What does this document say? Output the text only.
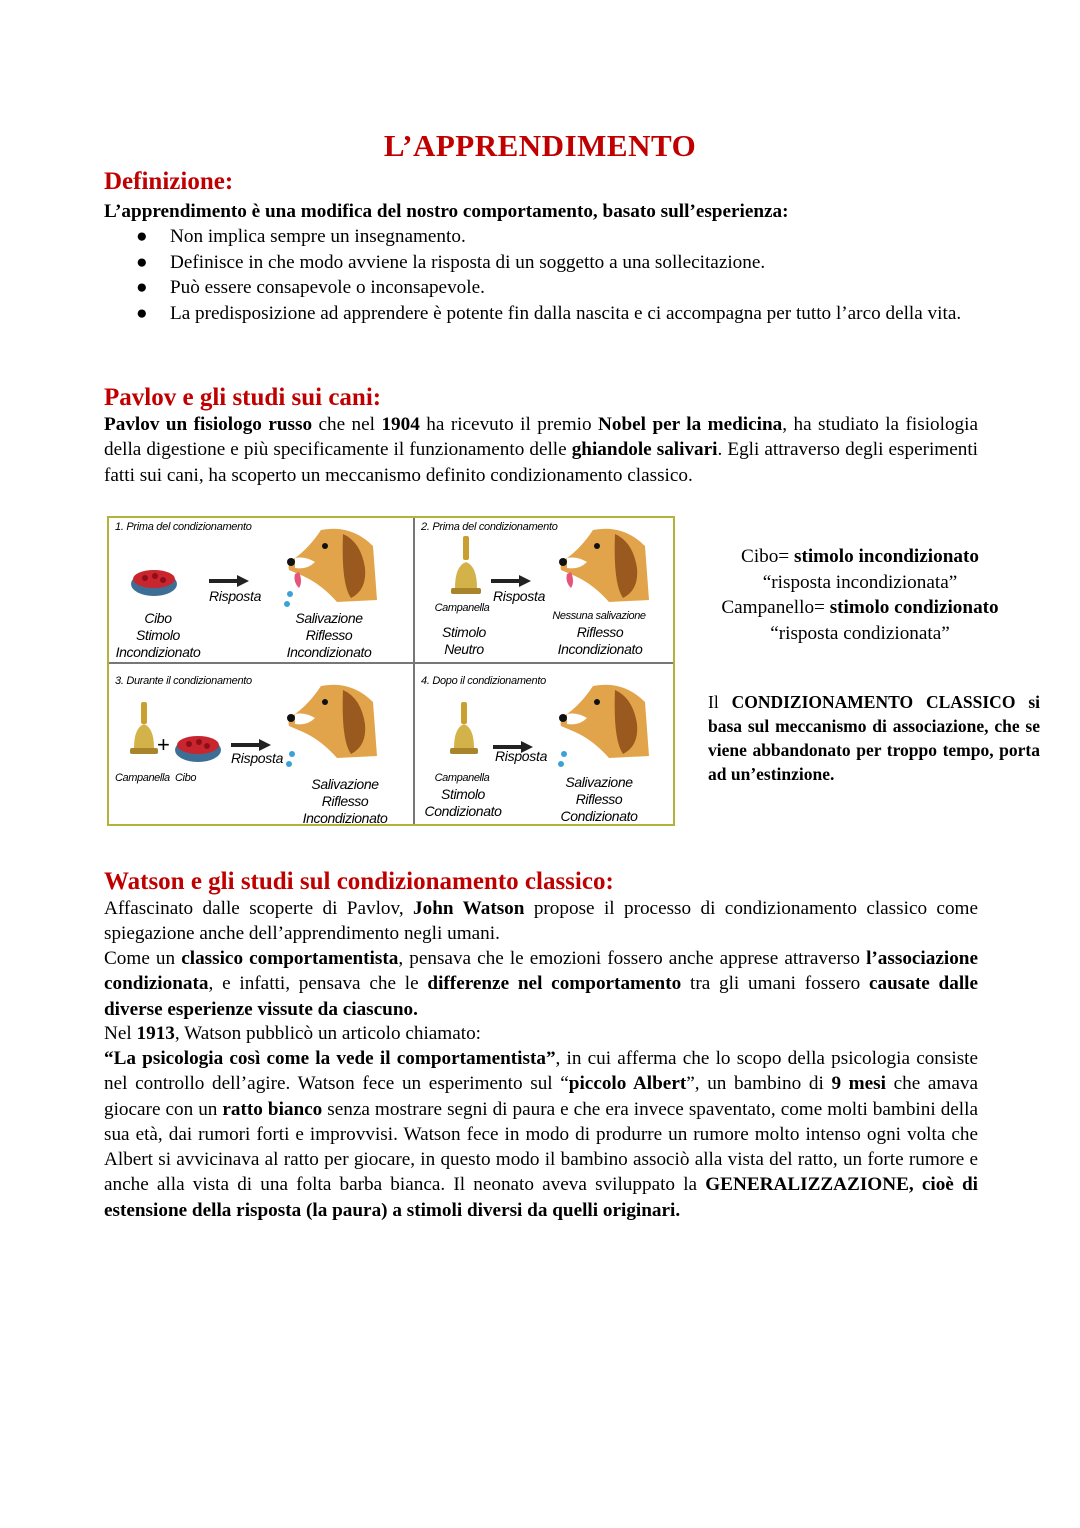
L’APPRENDIMENTO
Definizione:

L’apprendimento è una modifica del nostro comportamento, basato sull’esperienza:

● Non implica sempre un insegnamento.
● Definisce in che modo avviene la risposta di un soggetto a una sollecitazione.
● Può essere consapevole o inconsapevole.
● La predisposizione ad apprendere è potente fin dalla nascita e ci accompagna per tutto l’arco della vita.
Pavlov e gli studi sui cani:

Pavlov un fisiologo russo che nel 1904 ha ricevuto il premio Nobel per la medicina, ha studiato la fisiologia della digestione e più specificamente il funzionamento delle ghiandole salivari. Egli attraverso degli esperimenti fatti sui cani, ha scoperto un meccanismo definito condizionamento classico.

1. Prima del condizionamento
Cibo
Stimolo
Incondizionato
Risposta
Salivazione
Riflesso
Incondizionato
2. Prima del condizionamento
Campanella
Risposta
Stimolo
Neutro
Nessuna salivazione
Riflesso
Incondizionato
3. Durante il condizionamento
+
Campanella  Cibo
Risposta
Salivazione
Riflesso
Incondizionato
4. Dopo il condizionamento
Campanella
Stimolo
Condizionato
Risposta
Salivazione
Riflesso
Condizionato
Cibo= stimolo incondizionato
“risposta incondizionata”
Campanello= stimolo condizionato
“risposta condizionata”
Il CONDIZIONAMENTO CLASSICO si basa sul meccanismo di associazione, che se viene abbandonato per troppo tempo, porta ad un’estinzione.
Watson e gli studi sul condizionamento classico:

Affascinato dalle scoperte di Pavlov, John Watson propose il processo di condizionamento classico come spiegazione anche dell’apprendimento negli umani.

Come un classico comportamentista, pensava che le emozioni fossero anche apprese attraverso l’associazione condizionata, e infatti, pensava che le differenze nel comportamento tra gli umani fossero causate dalle diverse esperienze vissute da ciascuno.

Nel 1913, Watson pubblicò un articolo chiamato:

“La psicologia così come la vede il comportamentista”, in cui afferma che lo scopo della psicologia consiste nel controllo dell’agire. Watson fece un esperimento sul “piccolo Albert”, un bambino di 9 mesi che amava giocare con un ratto bianco senza mostrare segni di paura e che era invece spaventato, come molti bambini della sua età, dai rumori forti e improvvisi. Watson fece in modo di produrre un rumore molto intenso ogni volta che Albert si avvicinava al ratto per giocare, in questo modo il bambino associò alla vista del ratto, un forte rumore e anche alla vista di una folta barba bianca. Il neonato aveva sviluppato la GENERALIZZAZIONE, cioè di estensione della risposta (la paura) a stimoli diversi da quelli originari.
